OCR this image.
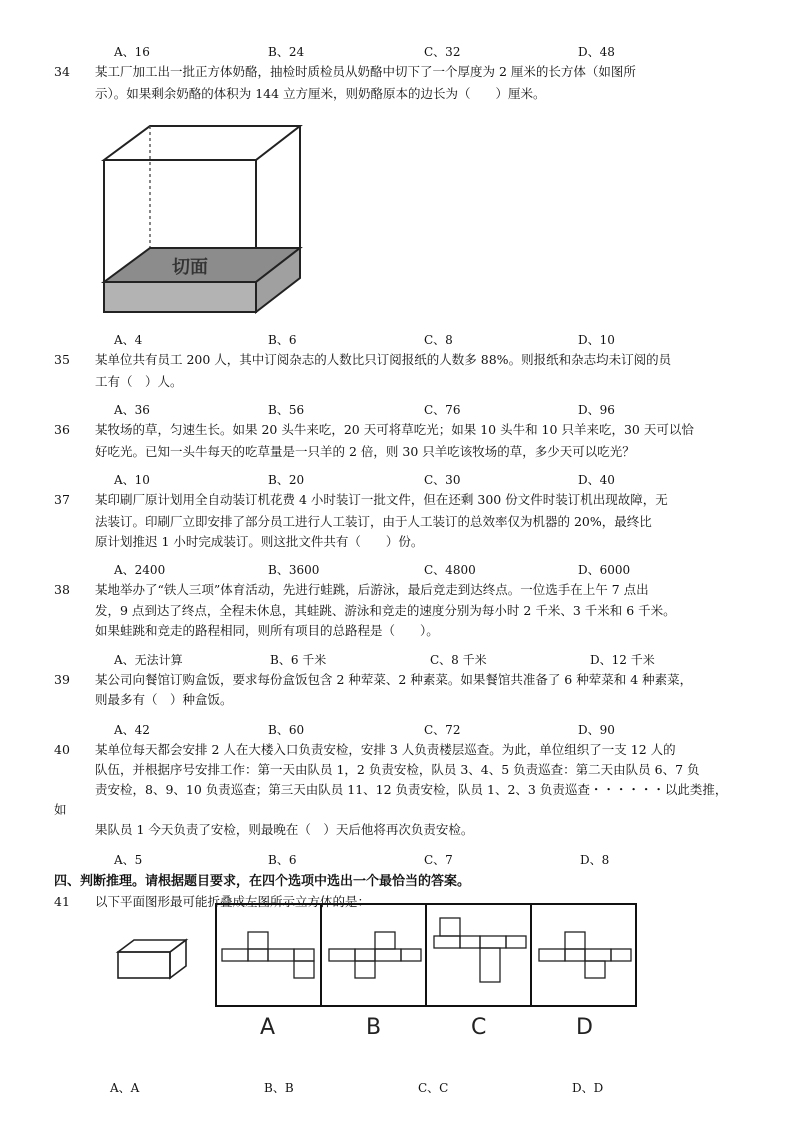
A、16	B、24	C、32	D、48
34 某工厂加工出一批正方体奶酪，抽检时质检员从奶酪中切下了一个厚度为 2 厘米的长方体（如图所
示）。如果剩余奶酪的体积为 144 立方厘米，则奶酪原本的边长为（　　）厘米。
切面
A、4	B、6	C、8	D、10
35 某单位共有员工 200 人，其中订阅杂志的人数比只订阅报纸的人数多 88%。则报纸和杂志均未订阅的员
工有（　）人。
A、36	B、56	C、76	D、96
36 某牧场的草，匀速生长。如果 20 头牛来吃，20 天可将草吃光；如果 10 头牛和 10 只羊来吃，30 天可以恰
好吃光。已知一头牛每天的吃草量是一只羊的 2 倍，则 30 只羊吃该牧场的草，多少天可以吃光？
A、10	B、20	C、30	D、40
37 某印刷厂原计划用全自动装订机花费 4 小时装订一批文件，但在还剩 300 份文件时装订机出现故障，无
法装订。印刷厂立即安排了部分员工进行人工装订，由于人工装订的总效率仅为机器的 20%，最终比
原计划推迟 1 小时完成装订。则这批文件共有（　　）份。
A、2400	B、3600	C、4800	D、6000
38 某地举办了“铁人三项”体育活动，先进行蛙跳，后游泳，最后竞走到达终点。一位选手在上午 7 点出
发，9 点到达了终点，全程未休息，其蛙跳、游泳和竞走的速度分别为每小时 2 千米、3 千米和 6 千米。
如果蛙跳和竞走的路程相同，则所有项目的总路程是（　　）。
A、无法计算	B、6 千米	C、8 千米	D、12 千米
39 某公司向餐馆订购盒饭，要求每份盒饭包含 2 种荤菜、2 种素菜。如果餐馆共准备了 6 种荤菜和 4 种素菜，
则最多有（　）种盒饭。
A、42	B、60	C、72	D、90
40 某单位每天都会安排 2 人在大楼入口负责安检，安排 3 人负责楼层巡查。为此，单位组织了一支 12 人的
队伍，并根据序号安排工作：第一天由队员 1，2 负责安检，队员 3、4、5 负责巡查：第二天由队员 6、7 负
责安检，8、9、10 负责巡查；第三天由队员 11、12 负责安检，队员 1、2、3 负责巡查・・・・・・以此类推，
如
果队员 1 今天负责了安检，则最晚在（　）天后他将再次负责安检。
A、5	B、6	C、7	D、8
四、判断推理。请根据题目要求，在四个选项中选出一个最恰当的答案。
41 以下平面图形最可能折叠成左图所示立方体的是：
A	B	C	D
A、A	B、B	C、C	D、D
